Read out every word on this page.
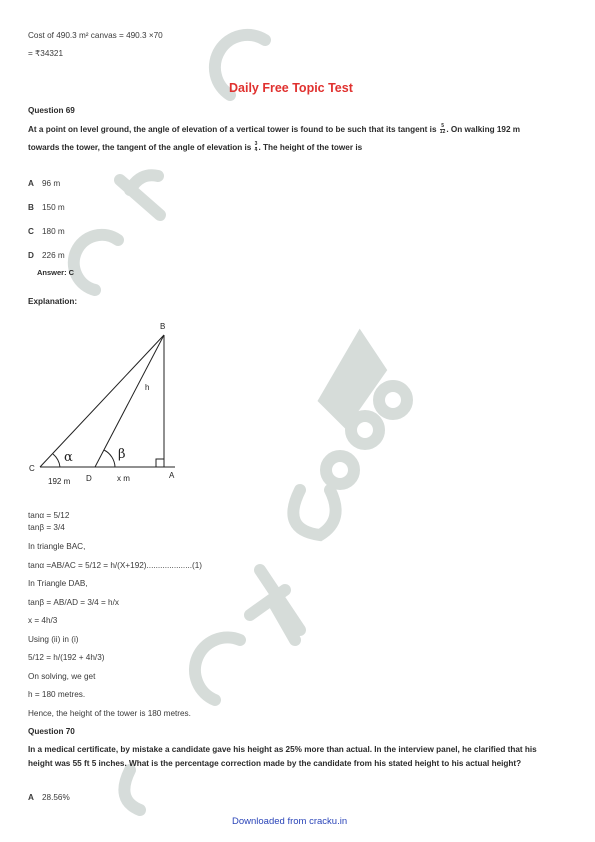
Cost of 490.3 m² canvas = 490.3 ×70
= ₹34321
Daily Free Topic Test
Question 69
At a point on level ground, the angle of elevation of a vertical tower is found to be such that its tangent is $\frac{5}{12}$ . On walking 192 m
towards the tower, the tangent of the angle of elevation is $\frac{3}{4}$ . The height of the tower is
A 96 m
B 150 m
C 180 m
D 226 m
Answer: C
Explanation:
B
h
α	β
C
D	A
192 m	x m
tanα = 5/12
tanβ = 3/4
In triangle BAC,
tanα =AB/AC = 5/12 = h/(X+192)....................(1)
In Triangle DAB,
tanβ = AB/AD = 3/4 = h/x
x = 4h/3
Using (ii) in (i)
5/12 = h/(192 + 4h/3)
On solving, we get
h = 180 metres.
Hence, the height of the tower is 180 metres.
Question 70
In a medical certificate, by mistake a candidate gave his height as 25% more than actual. In the interview panel, he clarified that his
height was 55 ft 5 inches. What is the percentage correction made by the candidate from his stated height to his actual height?
A 28.56%
Downloaded from cracku.in
